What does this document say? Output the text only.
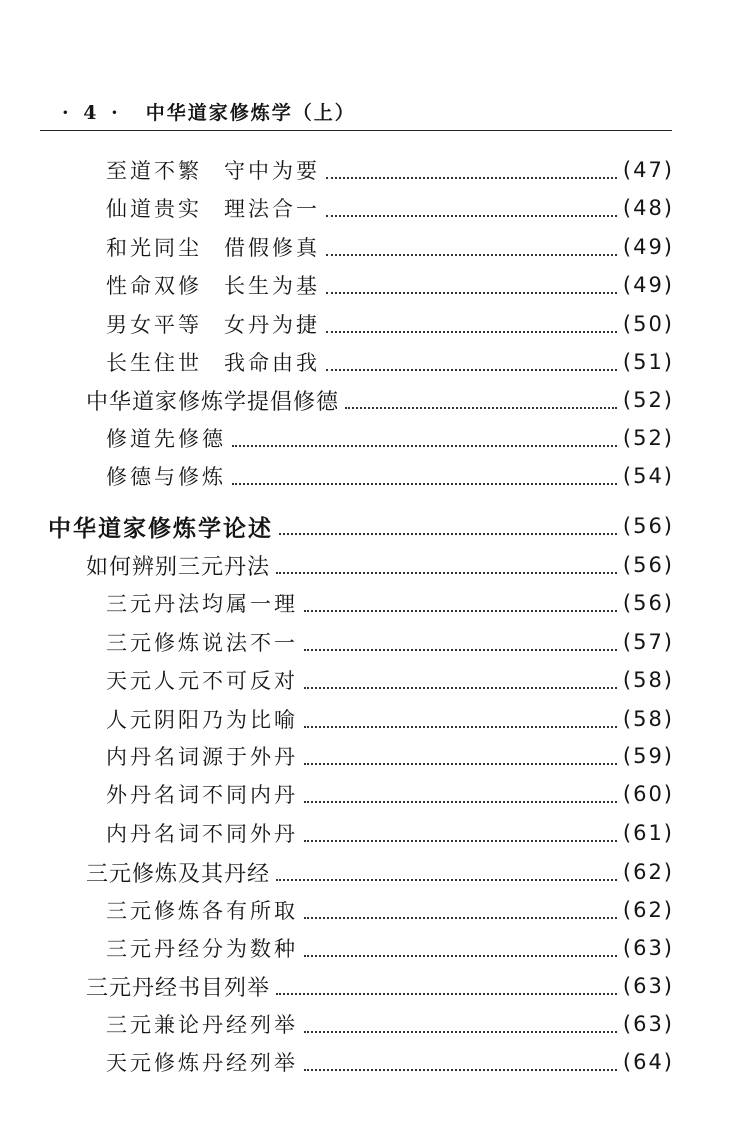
· 4 · 中华道家修炼学（上）
至道不繁 守中为要	(47)
仙道贵实 理法合一	(48)
和光同尘 借假修真	(49)
性命双修 长生为基	(49)
男女平等 女丹为捷	(50)
长生住世 我命由我	(51)
中华道家修炼学提倡修德	(52)
修道先修德	(52)
修德与修炼	(54)
中华道家修炼学论述	(56)
如何辨别三元丹法	(56)
三元丹法均属一理	(56)
三元修炼说法不一	(57)
天元人元不可反对	(58)
人元阴阳乃为比喻	(58)
内丹名词源于外丹	(59)
外丹名词不同内丹	(60)
内丹名词不同外丹	(61)
三元修炼及其丹经	(62)
三元修炼各有所取	(62)
三元丹经分为数种	(63)
三元丹经书目列举	(63)
三元兼论丹经列举	(63)
天元修炼丹经列举	(64)
